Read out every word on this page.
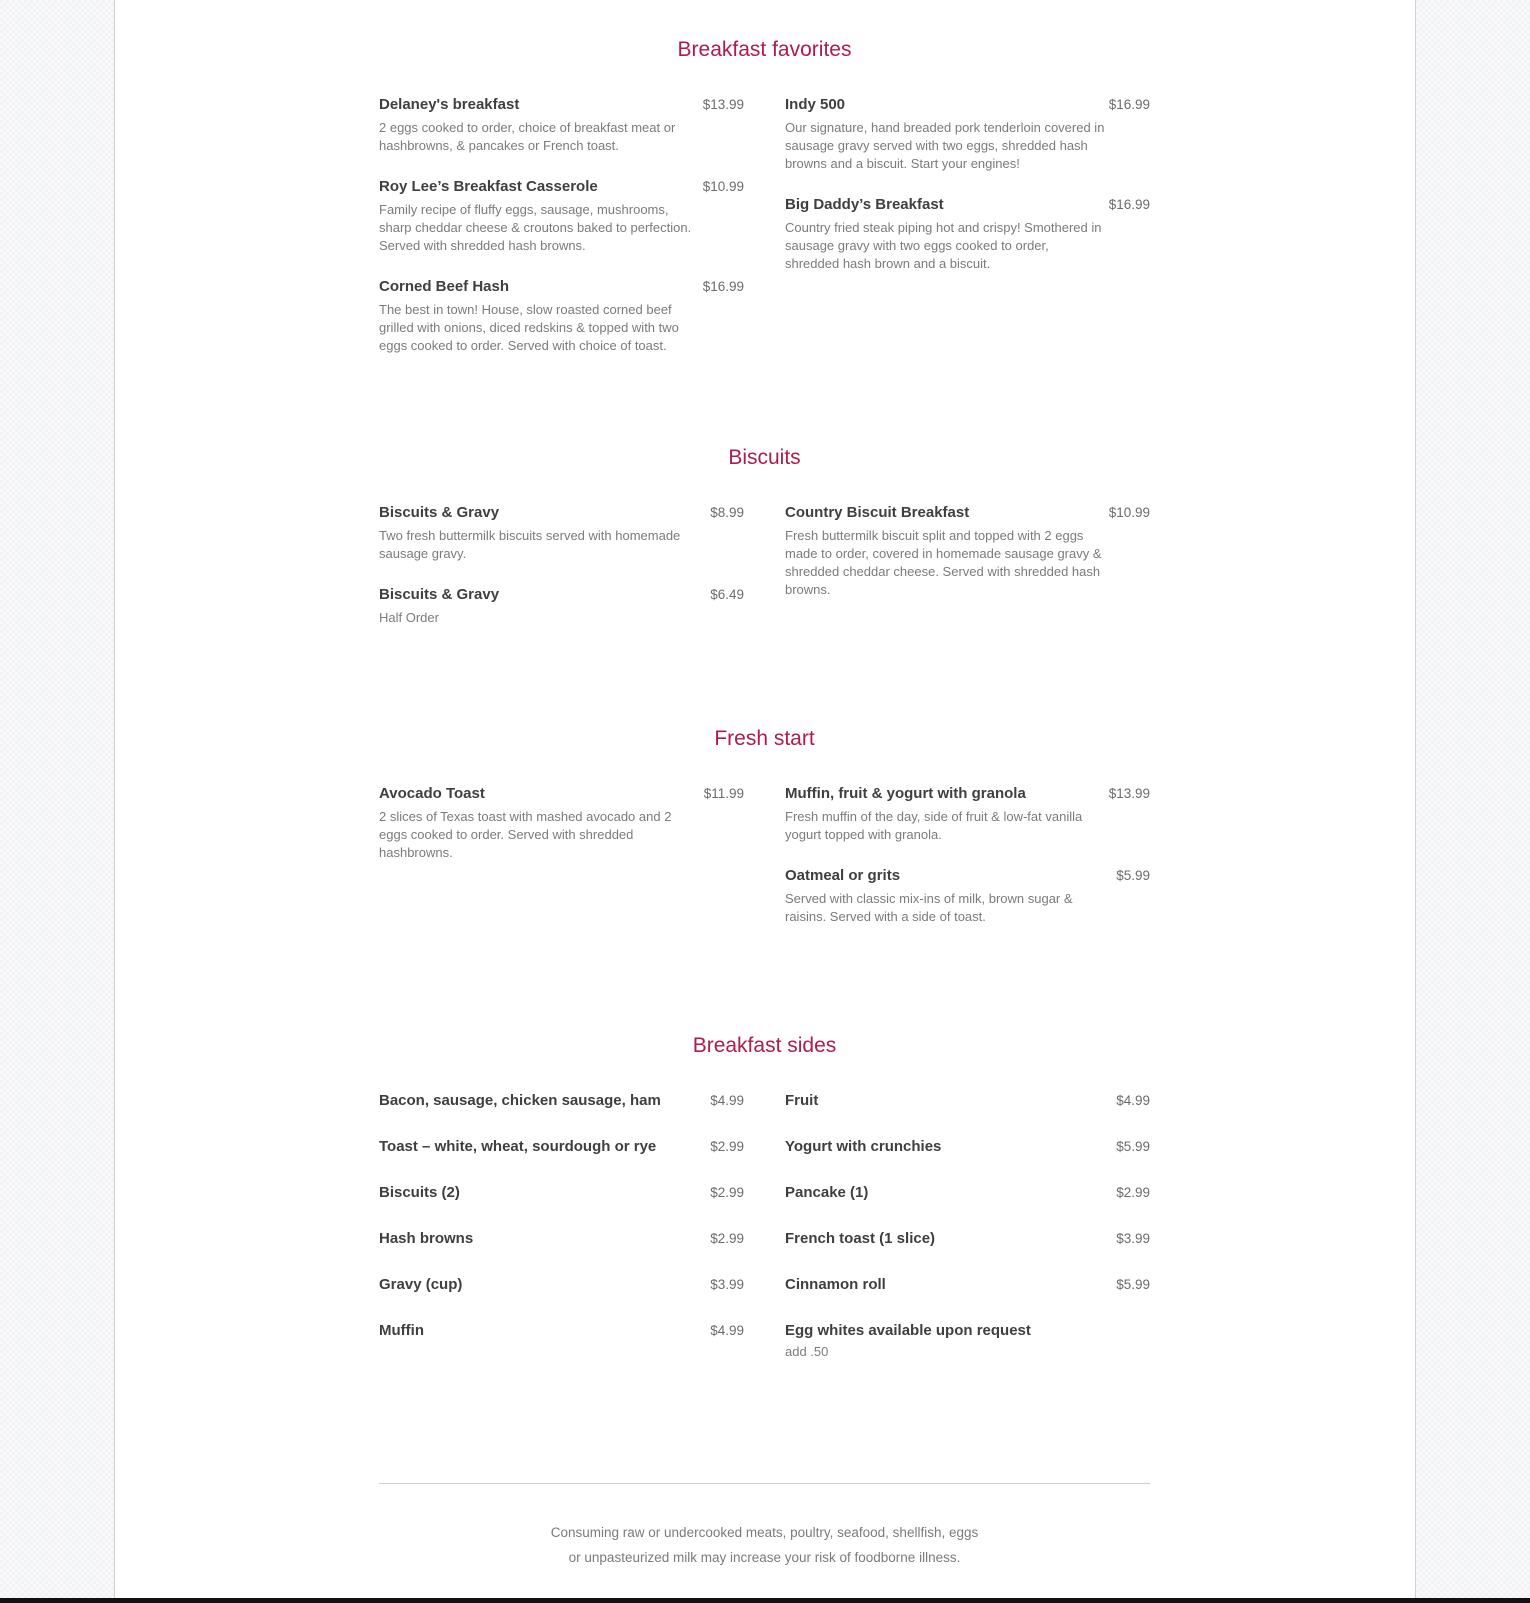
Breakfast favorites
Delaney's breakfast	$13.99
2 eggs cooked to order, choice of breakfast meat or hashbrowns, & pancakes or French toast.
Roy Lee’s Breakfast Casserole	$10.99
Family recipe of fluffy eggs, sausage, mushrooms, sharp cheddar cheese & croutons baked to perfection. Served with shredded hash browns.
Corned Beef Hash	$16.99
The best in town! House, slow roasted corned beef grilled with onions, diced redskins & topped with two eggs cooked to order. Served with choice of toast.
Indy 500	$16.99
Our signature, hand breaded pork tenderloin covered in sausage gravy served with two eggs, shredded hash browns and a biscuit. Start your engines!
Big Daddy’s Breakfast	$16.99
Country fried steak piping hot and crispy! Smothered in sausage gravy with two eggs cooked to order, shredded hash brown and a biscuit.
Biscuits
Biscuits & Gravy	$8.99
Two fresh buttermilk biscuits served with homemade sausage gravy.
Biscuits & Gravy	$6.49
Half Order
Country Biscuit Breakfast	$10.99
Fresh buttermilk biscuit split and topped with 2 eggs made to order, covered in homemade sausage gravy & shredded cheddar cheese. Served with shredded hash browns.
Fresh start
Avocado Toast	$11.99
2 slices of Texas toast with mashed avocado and 2 eggs cooked to order. Served with shredded hashbrowns.
Muffin, fruit & yogurt with granola	$13.99
Fresh muffin of the day, side of fruit & low-fat vanilla yogurt topped with granola.
Oatmeal or grits	$5.99
Served with classic mix-ins of milk, brown sugar & raisins. Served with a side of toast.
Breakfast sides
Bacon, sausage, chicken sausage, ham	$4.99
Toast – white, wheat, sourdough or rye	$2.99
Biscuits (2)	$2.99
Hash browns	$2.99
Gravy (cup)	$3.99
Muffin	$4.99
Fruit	$4.99
Yogurt with crunchies	$5.99
Pancake (1)	$2.99
French toast (1 slice)	$3.99
Cinnamon roll	$5.99
Egg whites available upon request
add .50
Consuming raw or undercooked meats, poultry, seafood, shellfish, eggs
or unpasteurized milk may increase your risk of foodborne illness.
